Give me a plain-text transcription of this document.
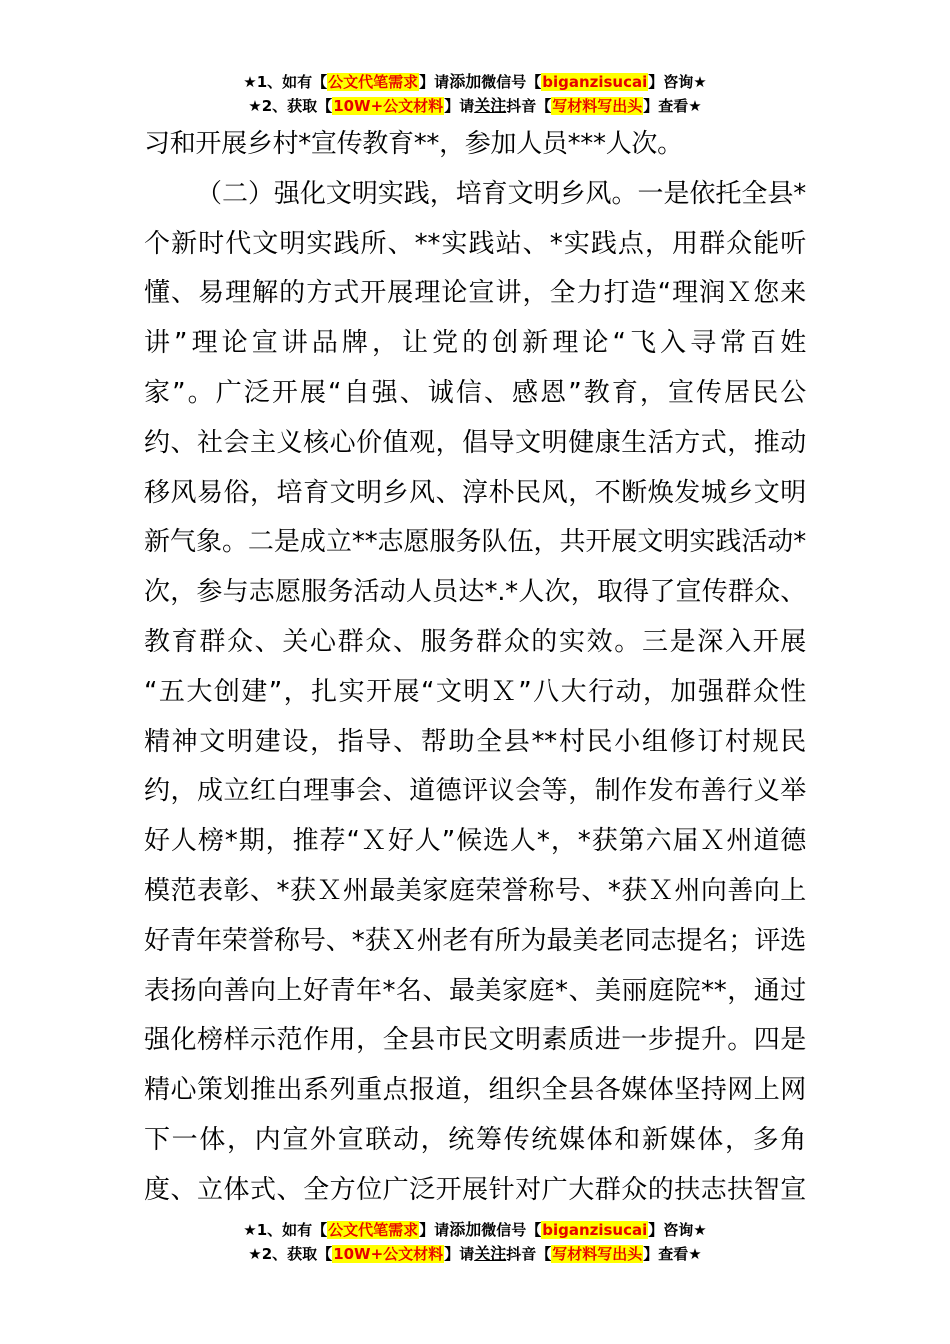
★1、如有【公文代笔需求】请添加微信号【biganzisucai】咨询★
★2、获取【10W+公文材料】请关注抖音【写材料写出头】查看★
习和开展乡村*宣传教育**，参加人员***人次。
（二）强化文明实践，培育文明乡风。一是依托全县*
个新时代文明实践所、**实践站、*实践点，用群众能听
懂、易理解的方式开展理论宣讲，全力打造“理润Ｘ您来
讲”理论宣讲品牌，让党的创新理论“飞入寻常百姓
家”。广泛开展“自强、诚信、感恩”教育，宣传居民公
约、社会主义核心价值观，倡导文明健康生活方式，推动
移风易俗，培育文明乡风、淳朴民风，不断焕发城乡文明
新气象。二是成立**志愿服务队伍，共开展文明实践活动*
次，参与志愿服务活动人员达*.*人次，取得了宣传群众、
教育群众、关心群众、服务群众的实效。三是深入开展
“五大创建”，扎实开展“文明Ｘ”八大行动，加强群众性
精神文明建设，指导、帮助全县**村民小组修订村规民
约，成立红白理事会、道德评议会等，制作发布善行义举
好人榜*期，推荐“Ｘ好人”候选人*，*获第六届Ｘ州道德
模范表彰、*获Ｘ州最美家庭荣誉称号、*获Ｘ州向善向上
好青年荣誉称号、*获Ｘ州老有所为最美老同志提名；评选
表扬向善向上好青年*名、最美家庭*、美丽庭院**，通过
强化榜样示范作用，全县市民文明素质进一步提升。四是
精心策划推出系列重点报道，组织全县各媒体坚持网上网
下一体，内宣外宣联动，统筹传统媒体和新媒体，多角
度、立体式、全方位广泛开展针对广大群众的扶志扶智宣
★1、如有【公文代笔需求】请添加微信号【biganzisucai】咨询★
★2、获取【10W+公文材料】请关注抖音【写材料写出头】查看★
